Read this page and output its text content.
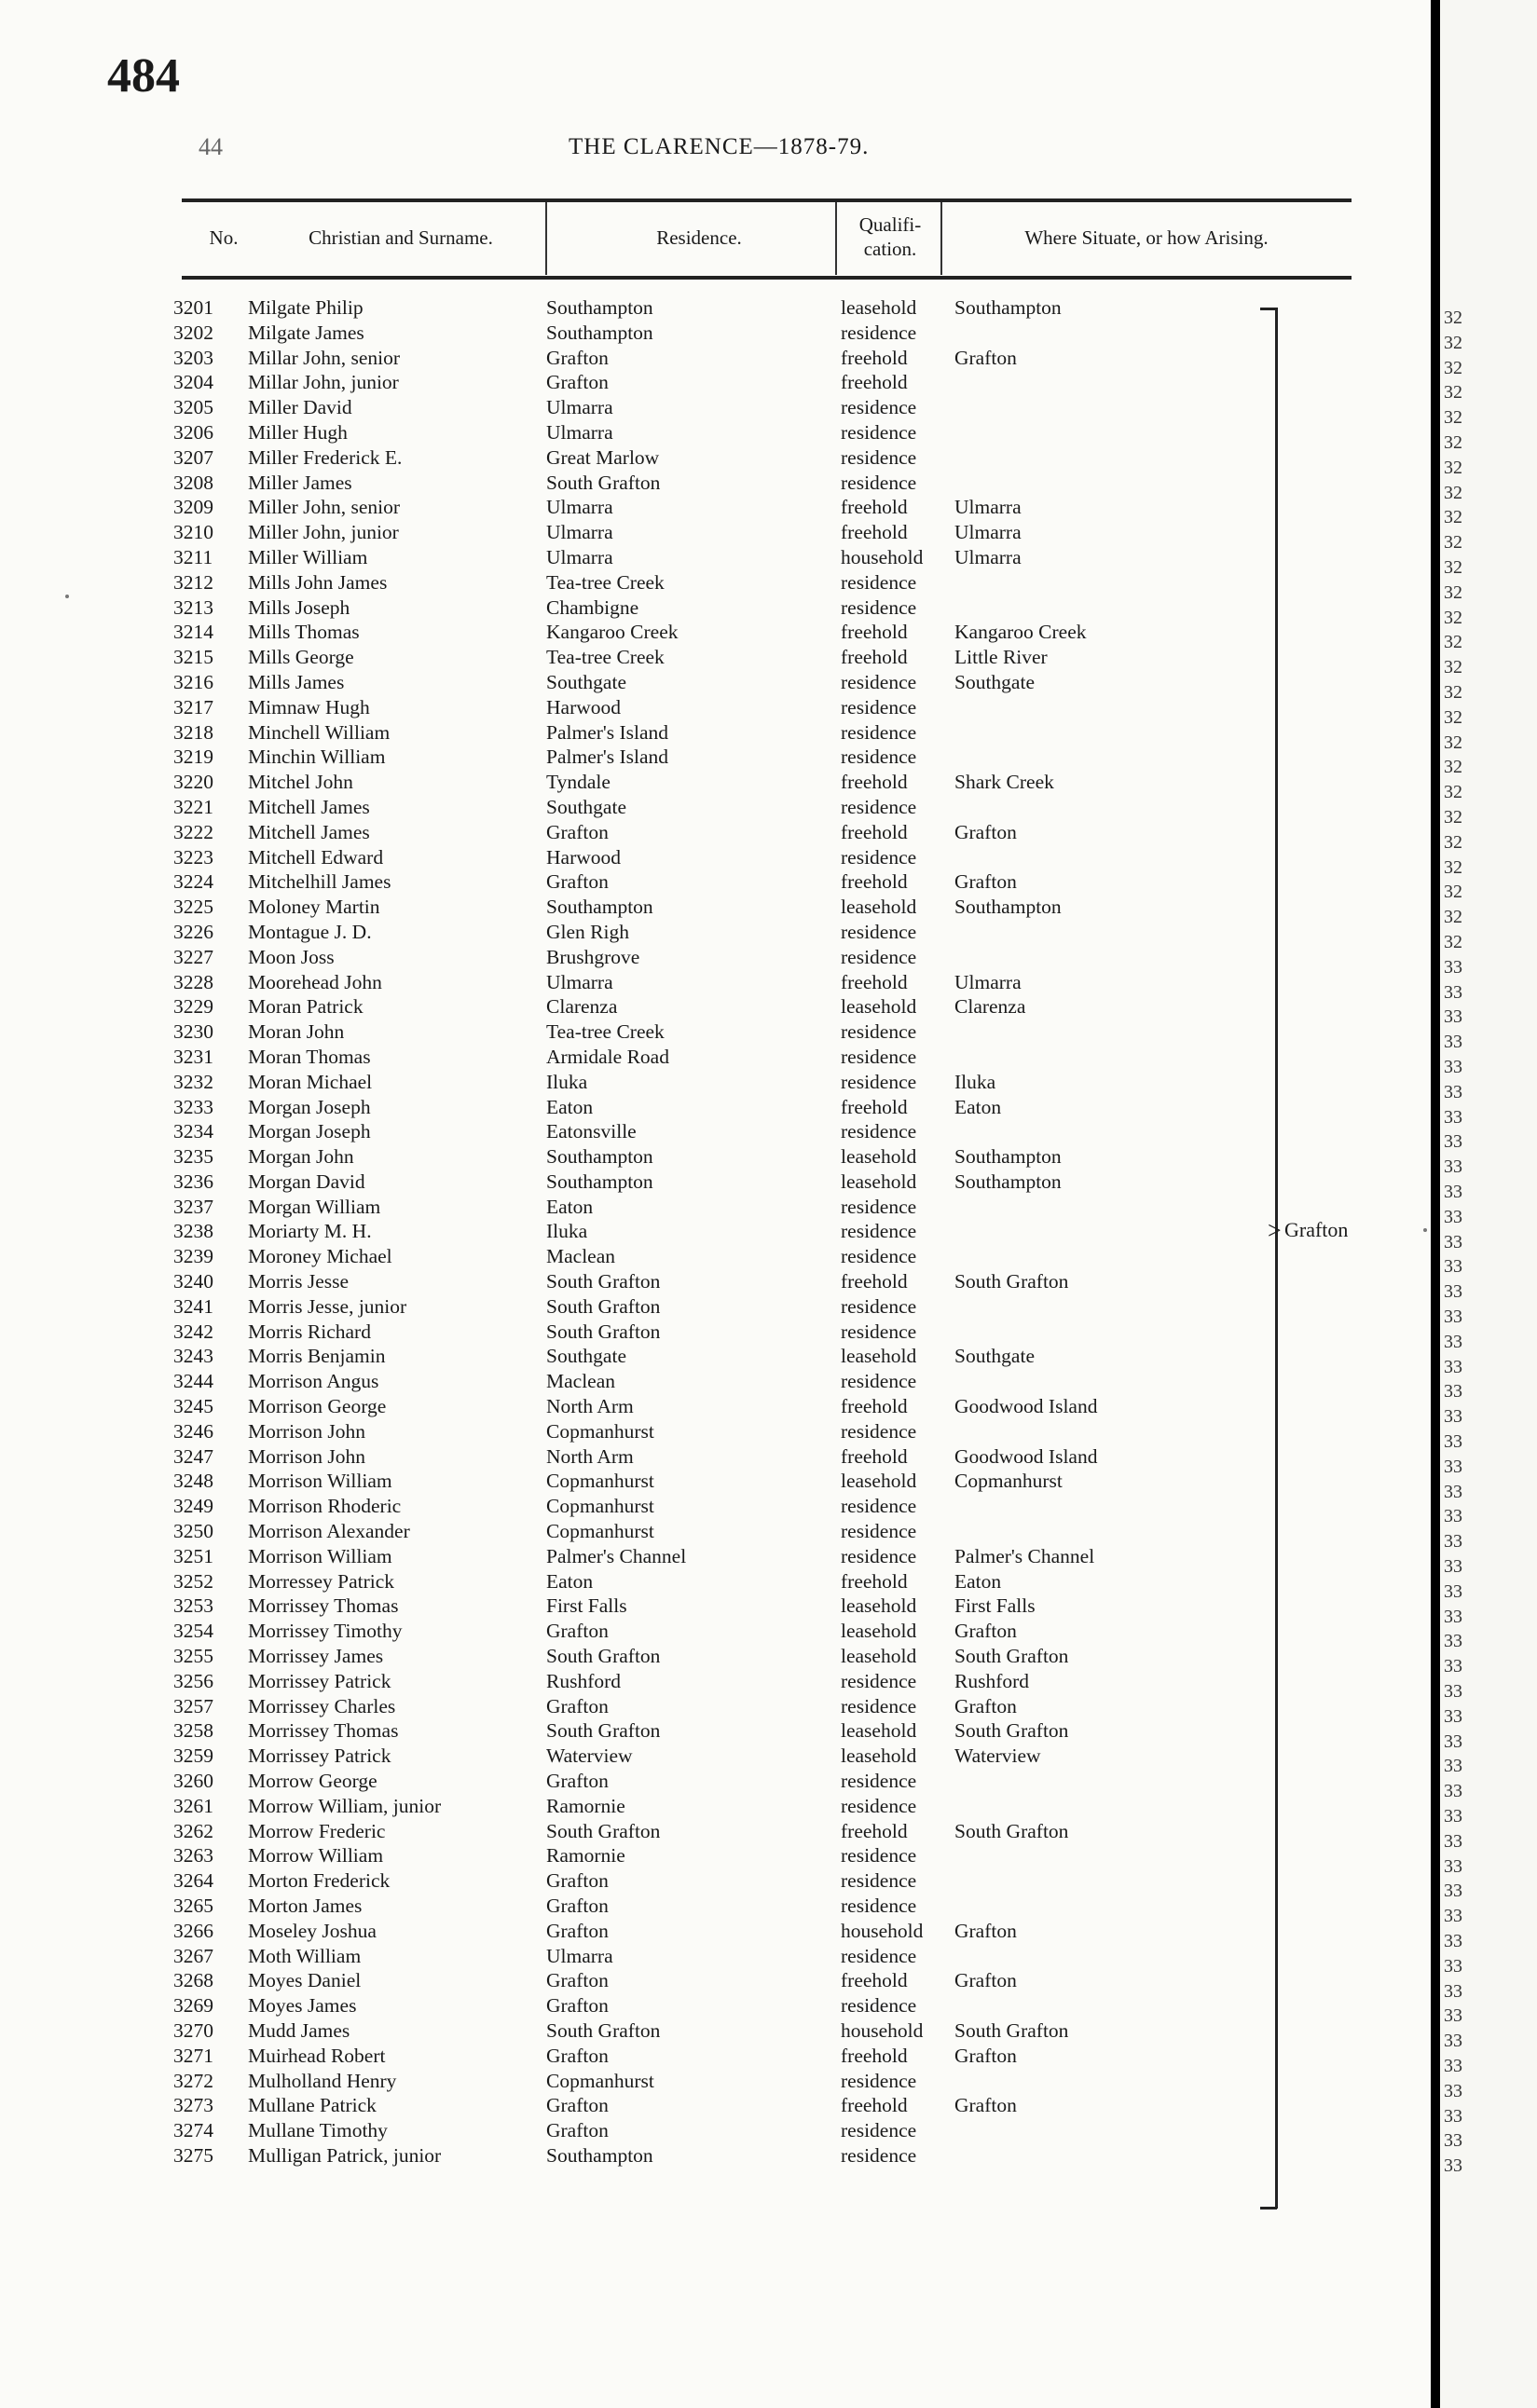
484
44	THE CLARENCE—1878-79.
No.	Christian and Surname.	Residence.
Qualifi-cation.	Where Situate, or how Arising.
3201	Milgate Philip	Southampton	leasehold Southampton
3202	Milgate James	Southampton	residence
3203	Millar John, senior	Grafton	freehold Grafton
3204	Millar John, junior	Grafton	freehold
3205	Miller David	Ulmarra	residence
3206	Miller Hugh	Ulmarra	residence
3207	Miller Frederick E.	Great Marlow	residence
3208	Miller James	South Grafton	residence
3209	Miller John, senior	Ulmarra	freehold Ulmarra
3210	Miller John, junior	Ulmarra	freehold Ulmarra
3211	Miller William	Ulmarra	household Ulmarra
3212	Mills John James	Tea-tree Creek	residence
3213	Mills Joseph	Chambigne	residence
3214	Mills Thomas	Kangaroo Creek	freehold Kangaroo Creek
3215	Mills George	Tea-tree Creek	freehold Little River
3216	Mills James	Southgate	residence Southgate
3217	Mimnaw Hugh	Harwood	residence
3218	Minchell William	Palmer's Island	residence
3219	Minchin William	Palmer's Island	residence
3220	Mitchel John	Tyndale	freehold Shark Creek
3221	Mitchell James	Southgate	residence
3222	Mitchell James	Grafton	freehold Grafton
3223	Mitchell Edward	Harwood	residence
3224	Mitchelhill James	Grafton	freehold Grafton
3225	Moloney Martin	Southampton	leasehold Southampton
3226	Montague J. D.	Glen Righ	residence
3227	Moon Joss	Brushgrove	residence
3228	Moorehead John	Ulmarra	freehold Ulmarra
3229	Moran Patrick	Clarenza	leasehold Clarenza
3230	Moran John	Tea-tree Creek	residence
3231	Moran Thomas	Armidale Road	residence
3232	Moran Michael	Iluka	residence Iluka
3233	Morgan Joseph	Eaton	freehold Eaton
3234	Morgan Joseph	Eatonsville	residence
3235	Morgan John	Southampton	leasehold Southampton
3236	Morgan David	Southampton	leasehold Southampton
3237	Morgan William	Eaton	residence
3238	Moriarty M. H.	Iluka	residence
3239	Moroney Michael	Maclean	residence
3240	Morris Jesse	South Grafton	freehold South Grafton
3241	Morris Jesse, junior	South Grafton	residence
3242	Morris Richard	South Grafton	residence
3243	Morris Benjamin	Southgate	leasehold Southgate
3244	Morrison Angus	Maclean	residence
3245	Morrison George	North Arm	freehold Goodwood Island
3246	Morrison John	Copmanhurst	residence
3247	Morrison John	North Arm	freehold Goodwood Island
3248	Morrison William	Copmanhurst	leasehold Copmanhurst
3249	Morrison Rhoderic	Copmanhurst	residence
3250	Morrison Alexander	Copmanhurst	residence
3251	Morrison William	Palmer's Channel	residence Palmer's Channel
3252	Morressey Patrick	Eaton	freehold Eaton
3253	Morrissey Thomas	First Falls	leasehold First Falls
3254	Morrissey Timothy	Grafton	leasehold Grafton
3255	Morrissey James	South Grafton	leasehold South Grafton
3256	Morrissey Patrick	Rushford	residence Rushford
3257	Morrissey Charles	Grafton	residence Grafton
3258	Morrissey Thomas	South Grafton	leasehold South Grafton
3259	Morrissey Patrick	Waterview	leasehold Waterview
3260	Morrow George	Grafton	residence
3261	Morrow William, junior	Ramornie	residence
3262	Morrow Frederic	South Grafton	freehold South Grafton
3263	Morrow William	Ramornie	residence
3264	Morton Frederick	Grafton	residence
3265	Morton James	Grafton	residence
3266	Moseley Joshua	Grafton	household Grafton
3267	Moth William	Ulmarra	residence
3268	Moyes Daniel	Grafton	freehold Grafton
3269	Moyes James	Grafton	residence
3270	Mudd James	South Grafton	household South Grafton
3271	Muirhead Robert	Grafton	freehold Grafton
3272	Mulholland Henry	Copmanhurst	residence
3273	Mullane Patrick	Grafton	freehold Grafton
3274	Mullane Timothy	Grafton	residence
3275	Mulligan Patrick, junior	Southampton	residence
> Grafton
32
32
32
32
32
32
32
32
32
32
32
32
32
32
32
32
32
32
32
32
32
32
32
32
32
32
33
33
33
33
33
33
33
33
33
33
33
33
33
33
33
33
33
33
33
33
33
33
33
33
33
33
33
33
33
33
33
33
33
33
33
33
33
33
33
33
33
33
33
33
33
33
33
33
33
